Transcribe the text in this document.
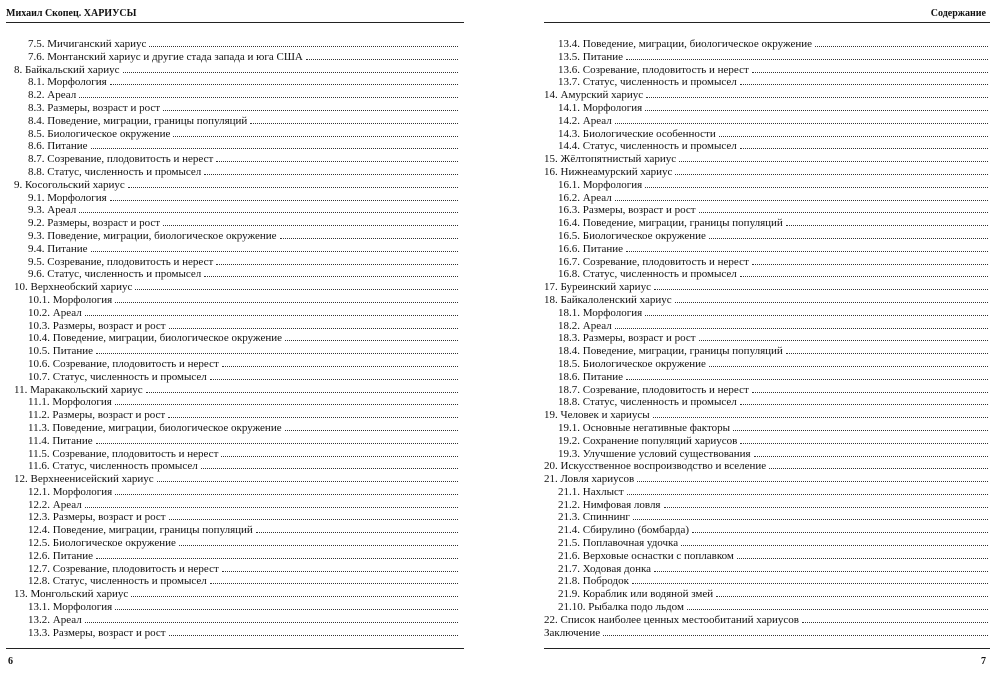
Михаил Скопец. ХАРИУСЫ
7.5. Мичиганский хариус
7.6. Монтанский хариус и другие стада запада и юга США
8. Байкальский хариус
8.1. Морфология
8.2. Ареал
8.3. Размеры, возраст и рост
8.4. Поведение, миграции, границы популяций
8.5. Биологическое окружение
8.6. Питание
8.7. Созревание, плодовитость и нерест
8.8. Статус, численность и промысел
9. Косогольский хариус
9.1. Морфология
9.3. Ареал
9.2. Размеры, возраст и рост
9.3. Поведение, миграции, биологическое окружение
9.4. Питание
9.5. Созревание, плодовитость и нерест
9.6. Статус, численность и промысел
10. Верхнеобский хариус
10.1. Морфология
10.2. Ареал
10.3. Размеры, возраст и рост
10.4. Поведение, миграции, биологическое окружение
10.5. Питание
10.6. Созревание, плодовитость и нерест
10.7. Статус, численность и промысел
11. Маракакольский хариус
11.1. Морфология
11.2. Размеры, возраст и рост
11.3. Поведение, миграции, биологическое окружение
11.4. Питание
11.5. Созревание, плодовитость и нерест
11.6. Статус, численность промысел
12. Верхнеенисейский хариус
12.1. Морфология
12.2. Ареал
12.3. Размеры, возраст и рост
12.4. Поведение, миграции, границы популяций
12.5. Биологическое окружение
12.6. Питание
12.7. Созревание, плодовитость и нерест
12.8. Статус, численность и промысел
13. Монгольский хариус
13.1. Морфология
13.2. Ареал
13.3. Размеры, возраст и рост
6
Содержание
13.4. Поведение, миграции, биологическое окружение
13.5. Питание
13.6. Созревание, плодовитость и нерест
13.7. Статус, численность и промысел
14. Амурский хариус
14.1. Морфология
14.2. Ареал
14.3. Биологические особенности
14.4. Статус, численность и промысел
15. Жёлтопятнистый хариус
16. Нижнеамурский хариус
16.1. Морфология
16.2. Ареал
16.3. Размеры, возраст и рост
16.4. Поведение, миграции, границы популяций
16.5. Биологическое окружение
16.6. Питание
16.7. Созревание, плодовитость и нерест
16.8. Статус, численность и промысел
17. Буреинский хариус
18. Байкалоленский хариус
18.1. Морфология
18.2. Ареал
18.3. Размеры, возраст и рост
18.4. Поведение, миграции, границы популяций
18.5. Биологическое окружение
18.6. Питание
18.7. Созревание, плодовитость и нерест
18.8. Статус, численность и промысел
19. Человек и хариусы
19.1. Основные негативные факторы
19.2. Сохранение популяций хариусов
19.3. Улучшение условий существования
20. Искусственное воспроизводство и вселение
21. Ловля хариусов
21.1. Нахлыст
21.2. Нимфовая ловля
21.3. Спиннинг
21.4. Сбирулино (бомбарда)
21.5. Поплавочная удочка
21.6. Верховые оснастки с поплавком
21.7. Ходовая донка
21.8. Побродок
21.9. Кораблик или водяной змей
21.10. Рыбалка подо льдом
22. Список наиболее ценных местообитаний хариусов
Заключение
7
